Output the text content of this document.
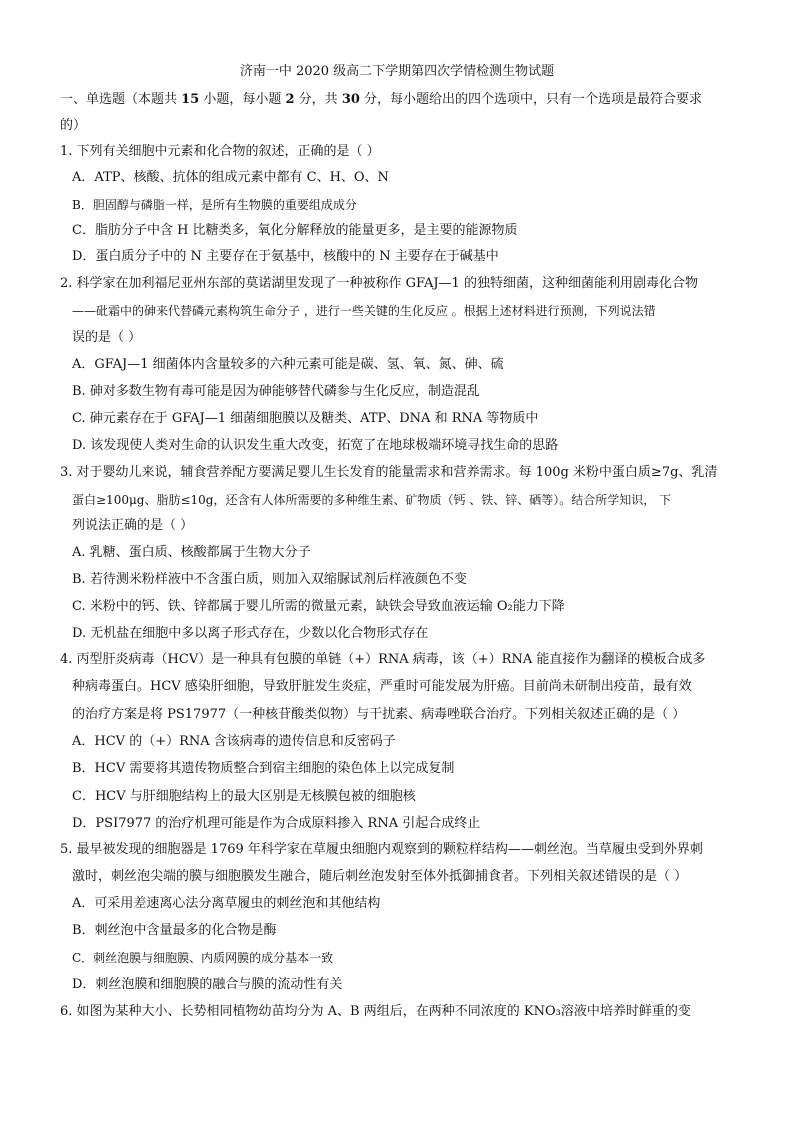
济南一中 2020 级高二下学期第四次学情检测生物试题
一、单选题（本题共 15 小题，每小题 2 分，共 30 分，每小题给出的四个选项中，只有一个选项是最符合要求
的）
1. 下列有关细胞中元素和化合物的叙述，正确的是（ ）
A．ATP、核酸、抗体的组成元素中都有 C、H、O、N
B．胆固醇与磷脂一样，是所有生物膜的重要组成成分
C．脂肪分子中含 H 比糖类多，氧化分解释放的能量更多，是主要的能源物质
D．蛋白质分子中的 N 主要存在于氨基中，核酸中的 N 主要存在于碱基中
2. 科学家在加利福尼亚州东部的莫诺湖里发现了一种被称作 GFAJ—1 的独特细菌，这种细菌能利用剧毒化合物
——砒霜中的砷来代替磷元素构筑生命分子 ，进行一些关键的生化反应 。根据上述材料进行预测，下列说法错
误的是（ ）
A．GFAJ—1 细菌体内含量较多的六种元素可能是碳、氢、氧、氮、砷、硫
B. 砷对多数生物有毒可能是因为砷能够替代磷参与生化反应，制造混乱
C. 砷元素存在于 GFAJ—1 细菌细胞膜以及糖类、ATP、DNA 和 RNA 等物质中
D. 该发现使人类对生命的认识发生重大改变，拓宽了在地球极端环境寻找生命的思路
3. 对于婴幼儿来说，辅食营养配方要满足婴儿生长发育的能量需求和营养需求。每 100g 米粉中蛋白质≥7g、乳清
蛋白≥100μg、脂肪≤10g，还含有人体所需要的多种维生素、矿物质（钙 、铁、锌、硒等）。结合所学知识， 下
列说法正确的是（ ）
A. 乳糖、蛋白质、核酸都属于生物大分子
B. 若待测米粉样液中不含蛋白质，则加入双缩脲试剂后样液颜色不变
C. 米粉中的钙、铁、锌都属于婴儿所需的微量元素，缺铁会导致血液运输 O₂能力下降
D. 无机盐在细胞中多以离子形式存在，少数以化合物形式存在
4. 丙型肝炎病毒（HCV）是一种具有包膜的单链（+）RNA 病毒，该（+）RNA 能直接作为翻译的模板合成多
种病毒蛋白。HCV 感染肝细胞，导致肝脏发生炎症，严重时可能发展为肝癌。目前尚未研制出疫苗，最有效
的治疗方案是将 PS17977（一种核苷酸类似物）与干扰素、病毒唑联合治疗。下列相关叙述正确的是（ ）
A．HCV 的（+）RNA 含该病毒的遗传信息和反密码子
B．HCV 需要将其遗传物质整合到宿主细胞的染色体上以完成复制
C．HCV 与肝细胞结构上的最大区别是无核膜包被的细胞核
D．PSI7977 的治疗机理可能是作为合成原料掺入 RNA 引起合成终止
5. 最早被发现的细胞器是 1769 年科学家在草履虫细胞内观察到的颗粒样结构——刺丝泡。当草履虫受到外界刺
激时，刺丝泡尖端的膜与细胞膜发生融合，随后刺丝泡发射至体外抵御捕食者。下列相关叙述错误的是（ ）
A．可采用差速离心法分离草履虫的刺丝泡和其他结构
B．刺丝泡中含量最多的化合物是酶
C．刺丝泡膜与细胞膜、内质网膜的成分基本一致
D．刺丝泡膜和细胞膜的融合与膜的流动性有关
6. 如图为某种大小、长势相同植物幼苗均分为 A、B 两组后，在两种不同浓度的 KNO₃溶液中培养时鲜重的变
